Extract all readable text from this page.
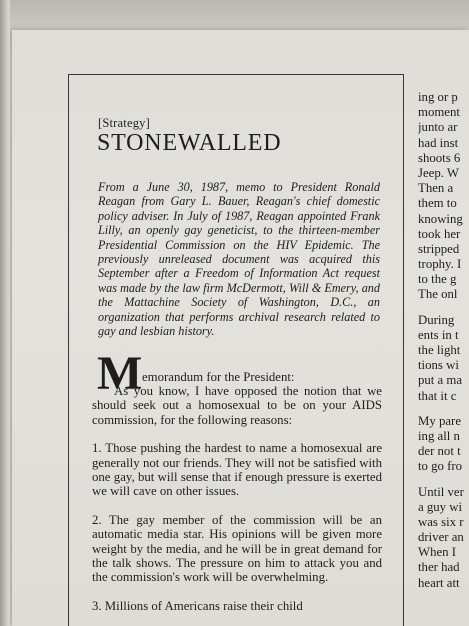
[Strategy]
STONEWALLED
From a June 30, 1987, memo to President Ronald Reagan from Gary L. Bauer, Reagan's chief domestic policy adviser. In July of 1987, Reagan appointed Frank Lilly, an openly gay geneticist, to the thirteen-member Presidential Commission on the HIV Epidemic. The previously unreleased document was acquired this September after a Freedom of Information Act request was made by the law firm McDermott, Will & Emery, and the Mattachine Society of Washington, D.C., an organization that performs archival research related to gay and lesbian history.
M emorandum for the President:

As you know, I have opposed the notion that we should seek out a homosexual to be on your AIDS commission, for the following reasons:

1. Those pushing the hardest to name a homosexual are generally not our friends. They will not be satisfied with one gay, but will sense that if enough pressure is exerted we will cave on other issues.

2. The gay member of the commission will be an automatic media star. His opinions will be given more weight by the media, and he will be in great demand for the talk shows. The pressure on him to attack you and the commission's work will be overwhelming.

3. Millions of Americans raise their child

ing or p
moment
junto ar
had inst
shoots 6
Jeep. W
Then a
them to
knowing
took her
stripped
trophy. I
to the g
The onl
During
ents in t
the light
tions wi
put a ma
that it c
My pare
ing all n
der not t
to go fro
Until ver
a guy wi
was six r
driver an
When I
ther had
heart att
